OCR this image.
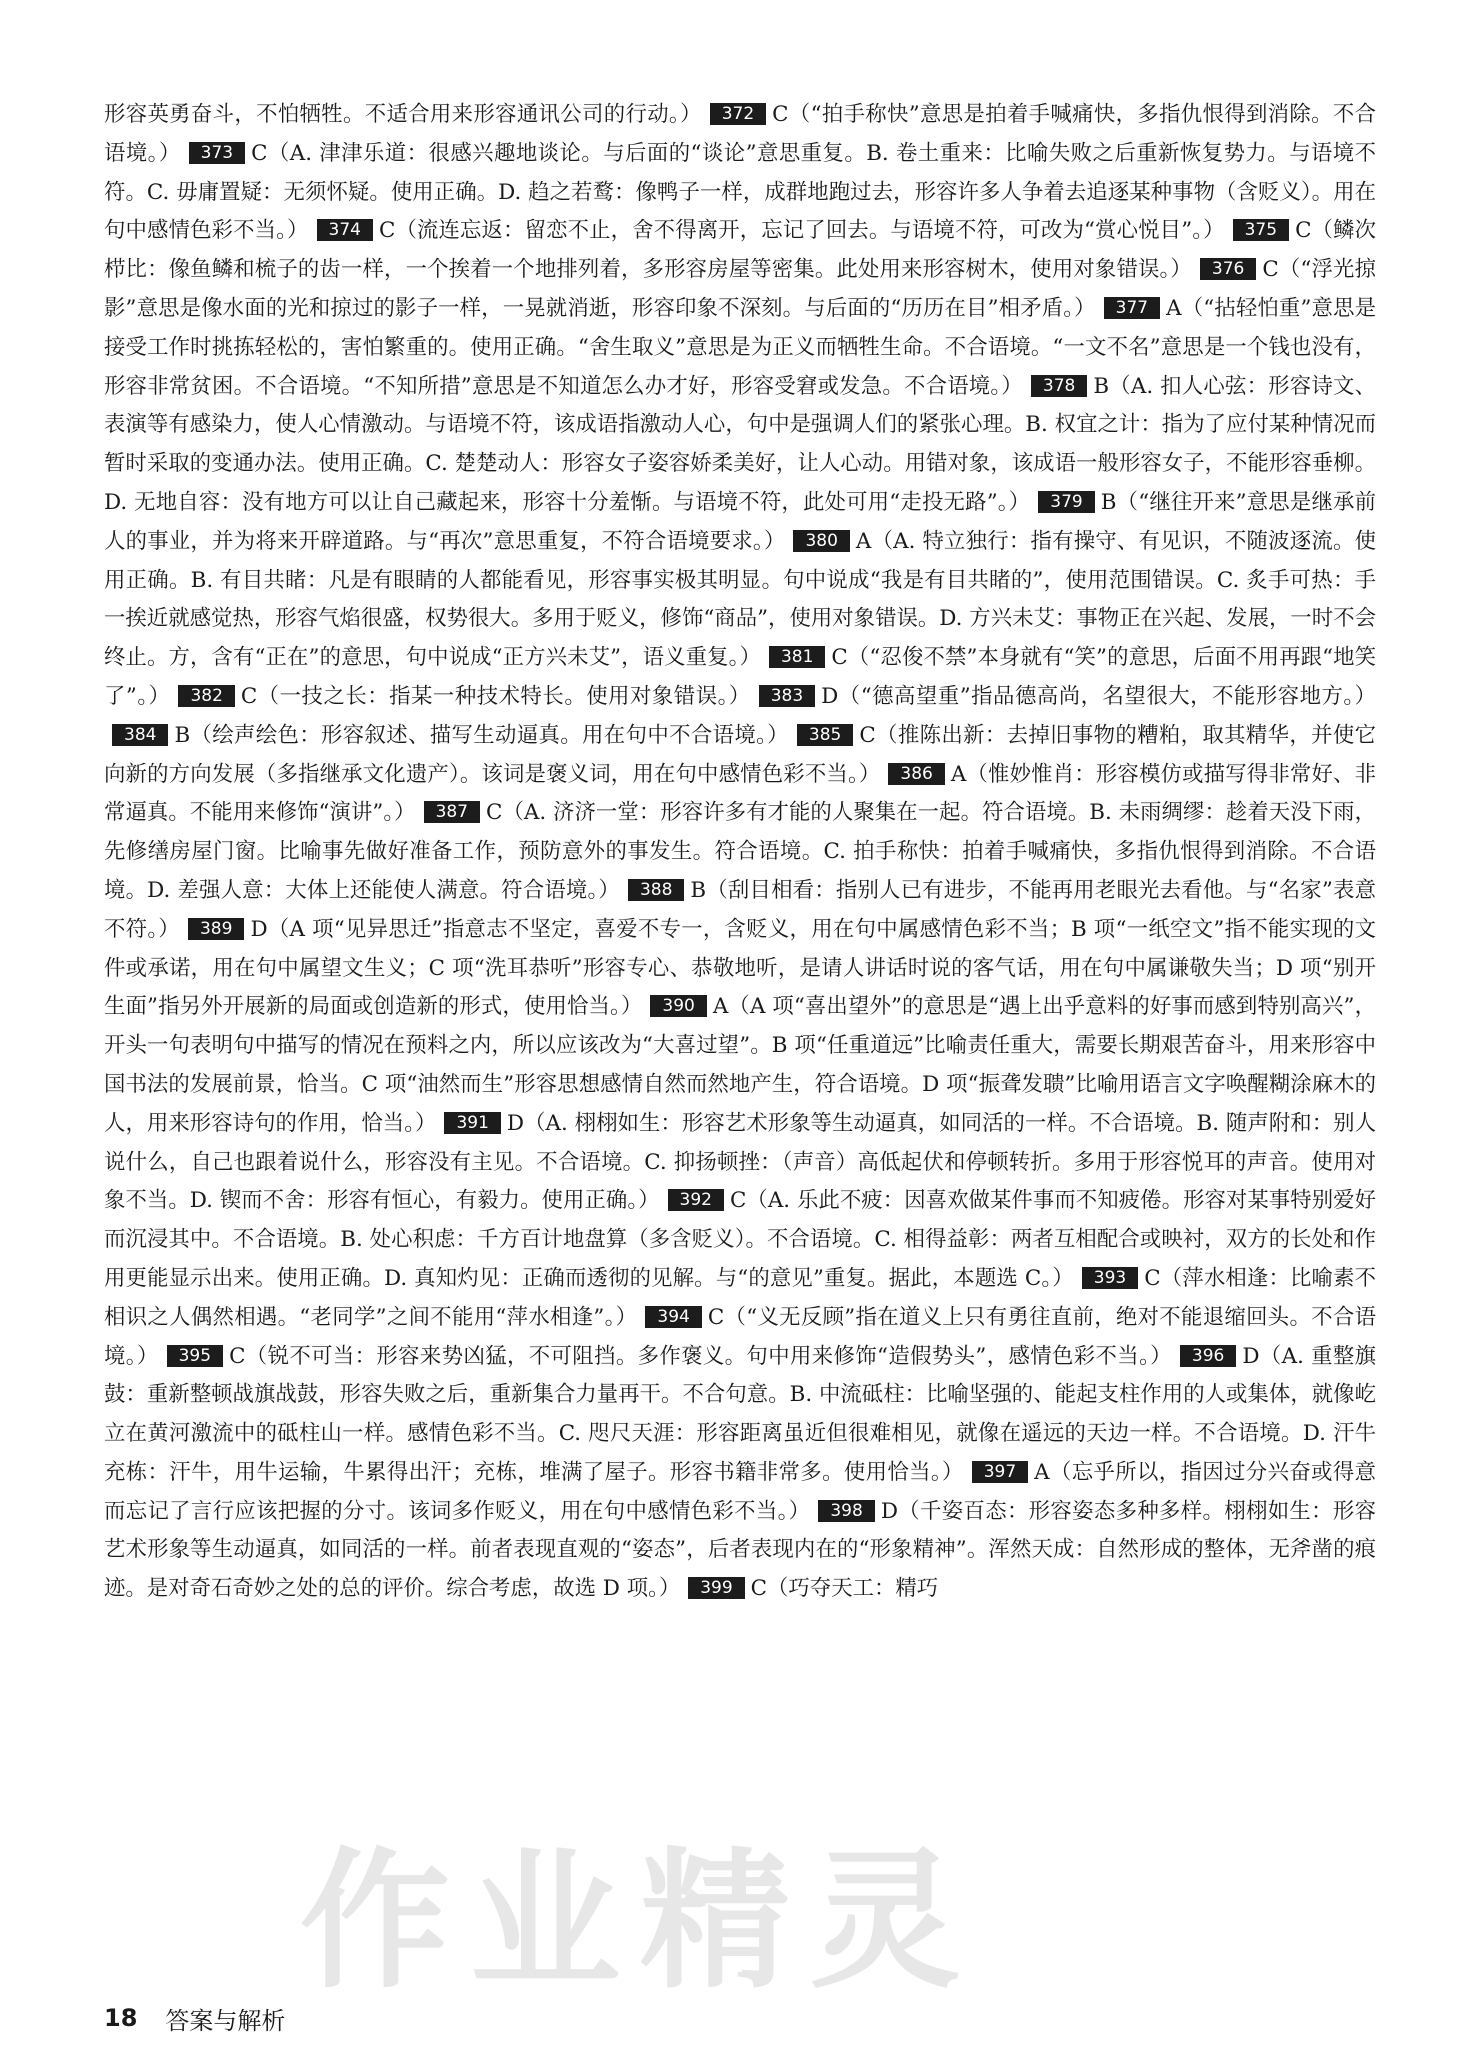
形容英勇奋斗，不怕牺牲。不适合用来形容通讯公司的行动。） 372 C（“拍手称快”意思是拍着手喊痛快，多指仇恨得到消除。不合语境。） 373 C（A. 津津乐道：很感兴趣地谈论。与后面的“谈论”意思重复。B. 卷土重来：比喻失败之后重新恢复势力。与语境不符。C. 毋庸置疑：无须怀疑。使用正确。D. 趋之若鹜：像鸭子一样，成群地跑过去，形容许多人争着去追逐某种事物（含贬义）。用在句中感情色彩不当。） 374 C（流连忘返：留恋不止，舍不得离开，忘记了回去。与语境不符，可改为“赏心悦目”。） 375 C（鳞次栉比：像鱼鳞和梳子的齿一样，一个挨着一个地排列着，多形容房屋等密集。此处用来形容树木，使用对象错误。） 376 C（“浮光掠影”意思是像水面的光和掠过的影子一样，一晃就消逝，形容印象不深刻。与后面的“历历在目”相矛盾。） 377 A（“拈轻怕重”意思是接受工作时挑拣轻松的，害怕繁重的。使用正确。“舍生取义”意思是为正义而牺牲生命。不合语境。“一文不名”意思是一个钱也没有，形容非常贫困。不合语境。“不知所措”意思是不知道怎么办才好，形容受窘或发急。不合语境。） 378 B（A. 扣人心弦：形容诗文、表演等有感染力，使人心情激动。与语境不符，该成语指激动人心，句中是强调人们的紧张心理。B. 权宜之计：指为了应付某种情况而暂时采取的变通办法。使用正确。C. 楚楚动人：形容女子姿容娇柔美好，让人心动。用错对象，该成语一般形容女子，不能形容垂柳。D. 无地自容：没有地方可以让自己藏起来，形容十分羞惭。与语境不符，此处可用“走投无路”。） 379 B（“继往开来”意思是继承前人的事业，并为将来开辟道路。与“再次”意思重复，不符合语境要求。） 380 A（A. 特立独行：指有操守、有见识，不随波逐流。使用正确。B. 有目共睹：凡是有眼睛的人都能看见，形容事实极其明显。句中说成“我是有目共睹的”，使用范围错误。C. 炙手可热：手一挨近就感觉热，形容气焰很盛，权势很大。多用于贬义，修饰“商品”，使用对象错误。D. 方兴未艾：事物正在兴起、发展，一时不会终止。方，含有“正在”的意思，句中说成“正方兴未艾”，语义重复。） 381 C（“忍俊不禁”本身就有“笑”的意思，后面不用再跟“地笑了”。） 382 C（一技之长：指某一种技术特长。使用对象错误。） 383 D（“德高望重”指品德高尚，名望很大，不能形容地方。）384 B（绘声绘色：形容叙述、描写生动逼真。用在句中不合语境。） 385 C（推陈出新：去掉旧事物的糟粕，取其精华，并使它向新的方向发展（多指继承文化遗产）。该词是褒义词，用在句中感情色彩不当。） 386 A（惟妙惟肖：形容模仿或描写得非常好、非常逼真。不能用来修饰“演讲”。） 387 C（A. 济济一堂：形容许多有才能的人聚集在一起。符合语境。B. 未雨绸缪：趁着天没下雨，先修缮房屋门窗。比喻事先做好准备工作，预防意外的事发生。符合语境。C. 拍手称快：拍着手喊痛快，多指仇恨得到消除。不合语境。D. 差强人意：大体上还能使人满意。符合语境。） 388 B（刮目相看：指别人已有进步，不能再用老眼光去看他。与“名家”表意不符。） 389 D（A 项“见异思迁”指意志不坚定，喜爱不专一，含贬义，用在句中属感情色彩不当；B 项“一纸空文”指不能实现的文件或承诺，用在句中属望文生义；C 项“洗耳恭听”形容专心、恭敬地听，是请人讲话时说的客气话，用在句中属谦敬失当；D 项“别开生面”指另外开展新的局面或创造新的形式，使用恰当。） 390 A（A 项“喜出望外”的意思是“遇上出乎意料的好事而感到特别高兴”，开头一句表明句中描写的情况在预料之内，所以应该改为“大喜过望”。B 项“任重道远”比喻责任重大，需要长期艰苦奋斗，用来形容中国书法的发展前景，恰当。C 项“油然而生”形容思想感情自然而然地产生，符合语境。D 项“振聋发聩”比喻用语言文字唤醒糊涂麻木的人，用来形容诗句的作用，恰当。） 391 D（A. 栩栩如生：形容艺术形象等生动逼真，如同活的一样。不合语境。B. 随声附和：别人说什么，自己也跟着说什么，形容没有主见。不合语境。C. 抑扬顿挫：（声音）高低起伏和停顿转折。多用于形容悦耳的声音。使用对象不当。D. 锲而不舍：形容有恒心，有毅力。使用正确。） 392 C（A. 乐此不疲：因喜欢做某件事而不知疲倦。形容对某事特别爱好而沉浸其中。不合语境。B. 处心积虑：千方百计地盘算（多含贬义）。不合语境。C. 相得益彰：两者互相配合或映衬，双方的长处和作用更能显示出来。使用正确。D. 真知灼见：正确而透彻的见解。与“的意见”重复。据此，本题选 C。） 393 C（萍水相逢：比喻素不相识之人偶然相遇。“老同学”之间不能用“萍水相逢”。） 394 C（“义无反顾”指在道义上只有勇往直前，绝对不能退缩回头。不合语境。） 395 C（锐不可当：形容来势凶猛，不可阻挡。多作褒义。句中用来修饰“造假势头”，感情色彩不当。） 396 D（A. 重整旗鼓：重新整顿战旗战鼓，形容失败之后，重新集合力量再干。不合句意。B. 中流砥柱：比喻坚强的、能起支柱作用的人或集体，就像屹立在黄河激流中的砥柱山一样。感情色彩不当。C. 咫尺天涯：形容距离虽近但很难相见，就像在遥远的天边一样。不合语境。D. 汗牛充栋：汗牛，用牛运输，牛累得出汗；充栋，堆满了屋子。形容书籍非常多。使用恰当。） 397 A（忘乎所以，指因过分兴奋或得意而忘记了言行应该把握的分寸。该词多作贬义，用在句中感情色彩不当。） 398 D（千姿百态：形容姿态多种多样。栩栩如生：形容艺术形象等生动逼真，如同活的一样。前者表现直观的“姿态”，后者表现内在的“形象精神”。浑然天成：自然形成的整体，无斧凿的痕迹。是对奇石奇妙之处的总的评价。综合考虑，故选 D 项。） 399 C（巧夺天工：精巧

作业精灵
18 答案与解析
